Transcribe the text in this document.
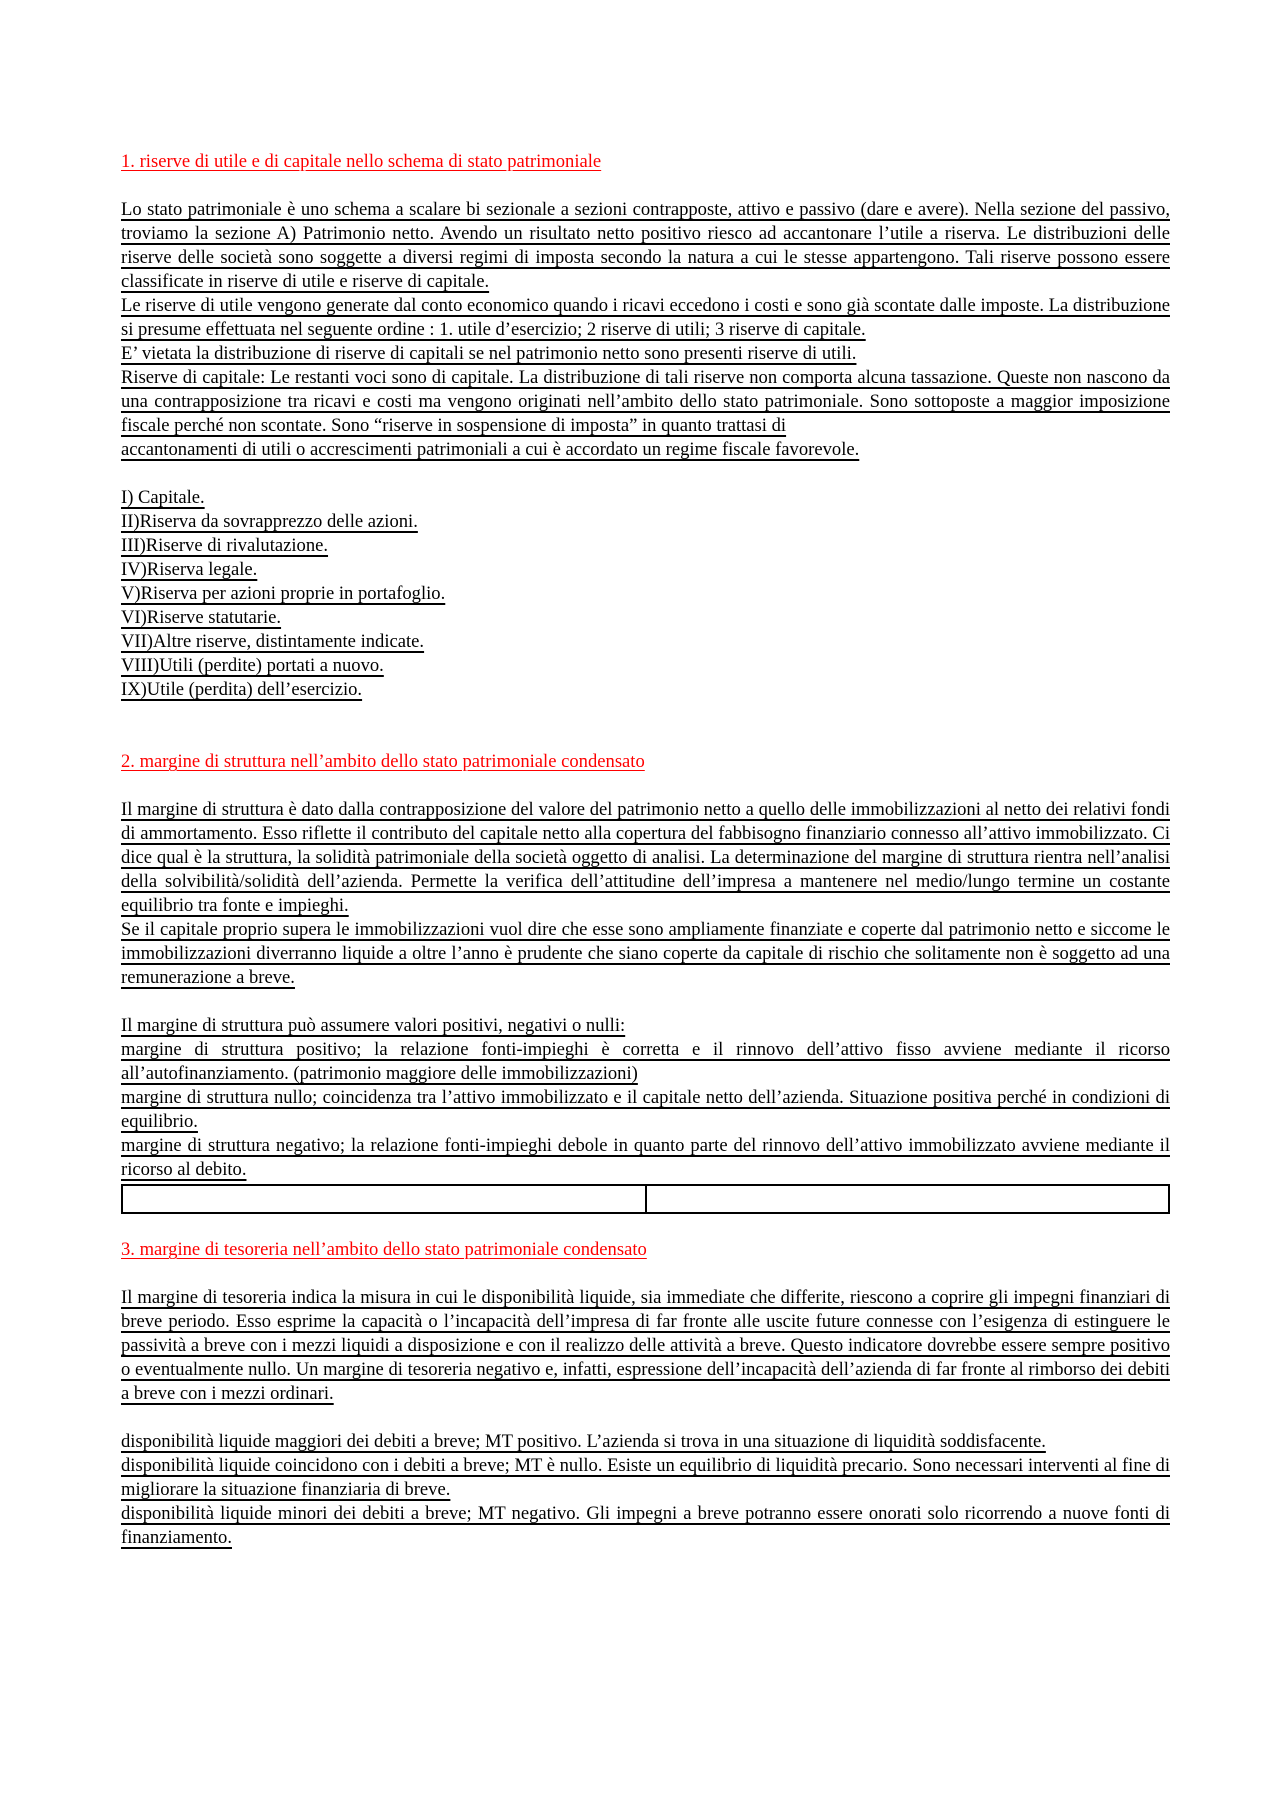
1. riserve di utile e di capitale nello schema di stato patrimoniale

Lo stato patrimoniale è uno schema a scalare bi sezionale a sezioni contrapposte, attivo e passivo (dare e avere). Nella sezione del passivo, troviamo la sezione A) Patrimonio netto. Avendo un risultato netto positivo riesco ad accantonare l’utile a riserva. Le distribuzioni delle riserve delle società sono soggette a diversi regimi di imposta secondo la natura a cui le stesse appartengono. Tali riserve possono essere classificate in riserve di utile e riserve di capitale.

Le riserve di utile vengono generate dal conto economico quando i ricavi eccedono i costi e sono già scontate dalle imposte. La distribuzione si presume effettuata nel seguente ordine : 1. utile d’esercizio; 2 riserve di utili; 3 riserve di capitale.

E’ vietata la distribuzione di riserve di capitali se nel patrimonio netto sono presenti riserve di utili.

Riserve di capitale: Le restanti voci sono di capitale. La distribuzione di tali riserve non comporta alcuna tassazione. Queste non nascono da una contrapposizione tra ricavi e costi ma vengono originati nell’ambito dello stato patrimoniale. Sono sottoposte a maggior imposizione fiscale perché non scontate. Sono “riserve in sospensione di imposta” in quanto trattasi di

accantonamenti di utili o accrescimenti patrimoniali a cui è accordato un regime fiscale favorevole.

I) Capitale.

II)Riserva da sovrapprezzo delle azioni.

III)Riserve di rivalutazione.

IV)Riserva legale.

V)Riserva per azioni proprie in portafoglio.

VI)Riserve statutarie.

VII)Altre riserve, distintamente indicate.

VIII)Utili (perdite) portati a nuovo.

IX)Utile (perdita) dell’esercizio.

2. margine di struttura nell’ambito dello stato patrimoniale condensato

Il margine di struttura è dato dalla contrapposizione del valore del patrimonio netto a quello delle immobilizzazioni al netto dei relativi fondi di ammortamento. Esso riflette il contributo del capitale netto alla copertura del fabbisogno finanziario connesso all’attivo immobilizzato. Ci dice qual è la struttura, la solidità patrimoniale della società oggetto di analisi. La determinazione del margine di struttura rientra nell’analisi della solvibilità/solidità dell’azienda. Permette la verifica dell’attitudine dell’impresa a mantenere nel medio/lungo termine un costante equilibrio tra fonte e impieghi.

Se il capitale proprio supera le immobilizzazioni vuol dire che esse sono ampliamente finanziate e coperte dal patrimonio netto e siccome le immobilizzazioni diverranno liquide a oltre l’anno è prudente che siano coperte da capitale di rischio che solitamente non è soggetto ad una remunerazione a breve.

Il margine di struttura può assumere valori positivi, negativi o nulli:

margine di struttura positivo; la relazione fonti-impieghi è corretta e il rinnovo dell’attivo fisso avviene mediante il ricorso all’autofinanziamento. (patrimonio maggiore delle immobilizzazioni)

margine di struttura nullo; coincidenza tra l’attivo immobilizzato e il capitale netto dell’azienda. Situazione positiva perché in condizioni di equilibrio.

margine di struttura negativo; la relazione fonti-impieghi debole in quanto parte del rinnovo dell’attivo immobilizzato avviene mediante il ricorso al debito.

3. margine di tesoreria nell’ambito dello stato patrimoniale condensato

Il margine di tesoreria indica la misura in cui le disponibilità liquide, sia immediate che differite, riescono a coprire gli impegni finanziari di breve periodo. Esso esprime la capacità o l’incapacità dell’impresa di far fronte alle uscite future connesse con l’esigenza di estinguere le passività a breve con i mezzi liquidi a disposizione e con il realizzo delle attività a breve. Questo indicatore dovrebbe essere sempre positivo o eventualmente nullo. Un margine di tesoreria negativo e, infatti, espressione dell’incapacità dell’azienda di far fronte al rimborso dei debiti a breve con i mezzi ordinari.

disponibilità liquide maggiori dei debiti a breve; MT positivo. L’azienda si trova in una situazione di liquidità soddisfacente.

disponibilità liquide coincidono con i debiti a breve; MT è nullo. Esiste un equilibrio di liquidità precario. Sono necessari interventi al fine di migliorare la situazione finanziaria di breve.

disponibilità liquide minori dei debiti a breve; MT negativo. Gli impegni a breve potranno essere onorati solo ricorrendo a nuove fonti di finanziamento.
